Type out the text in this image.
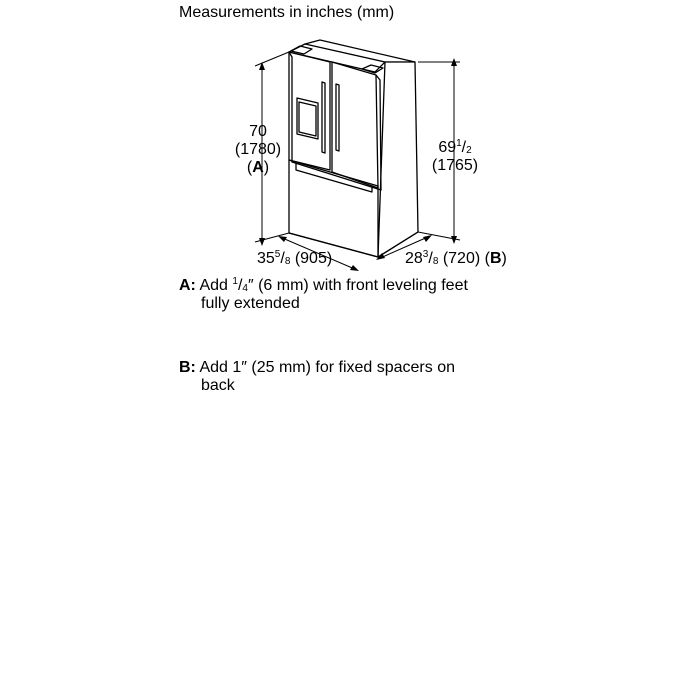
Measurements in inches (mm)
70
(1780)
(A)
$69^1/_2$
(1765)
$35^5/_8$ (905)	$28^3/_8$ (720) (B)
A: Add $^1/_4''$ (6 mm) with front leveling feet
fully extended
B: Add 1″ (25 mm) for fixed spacers on
back
